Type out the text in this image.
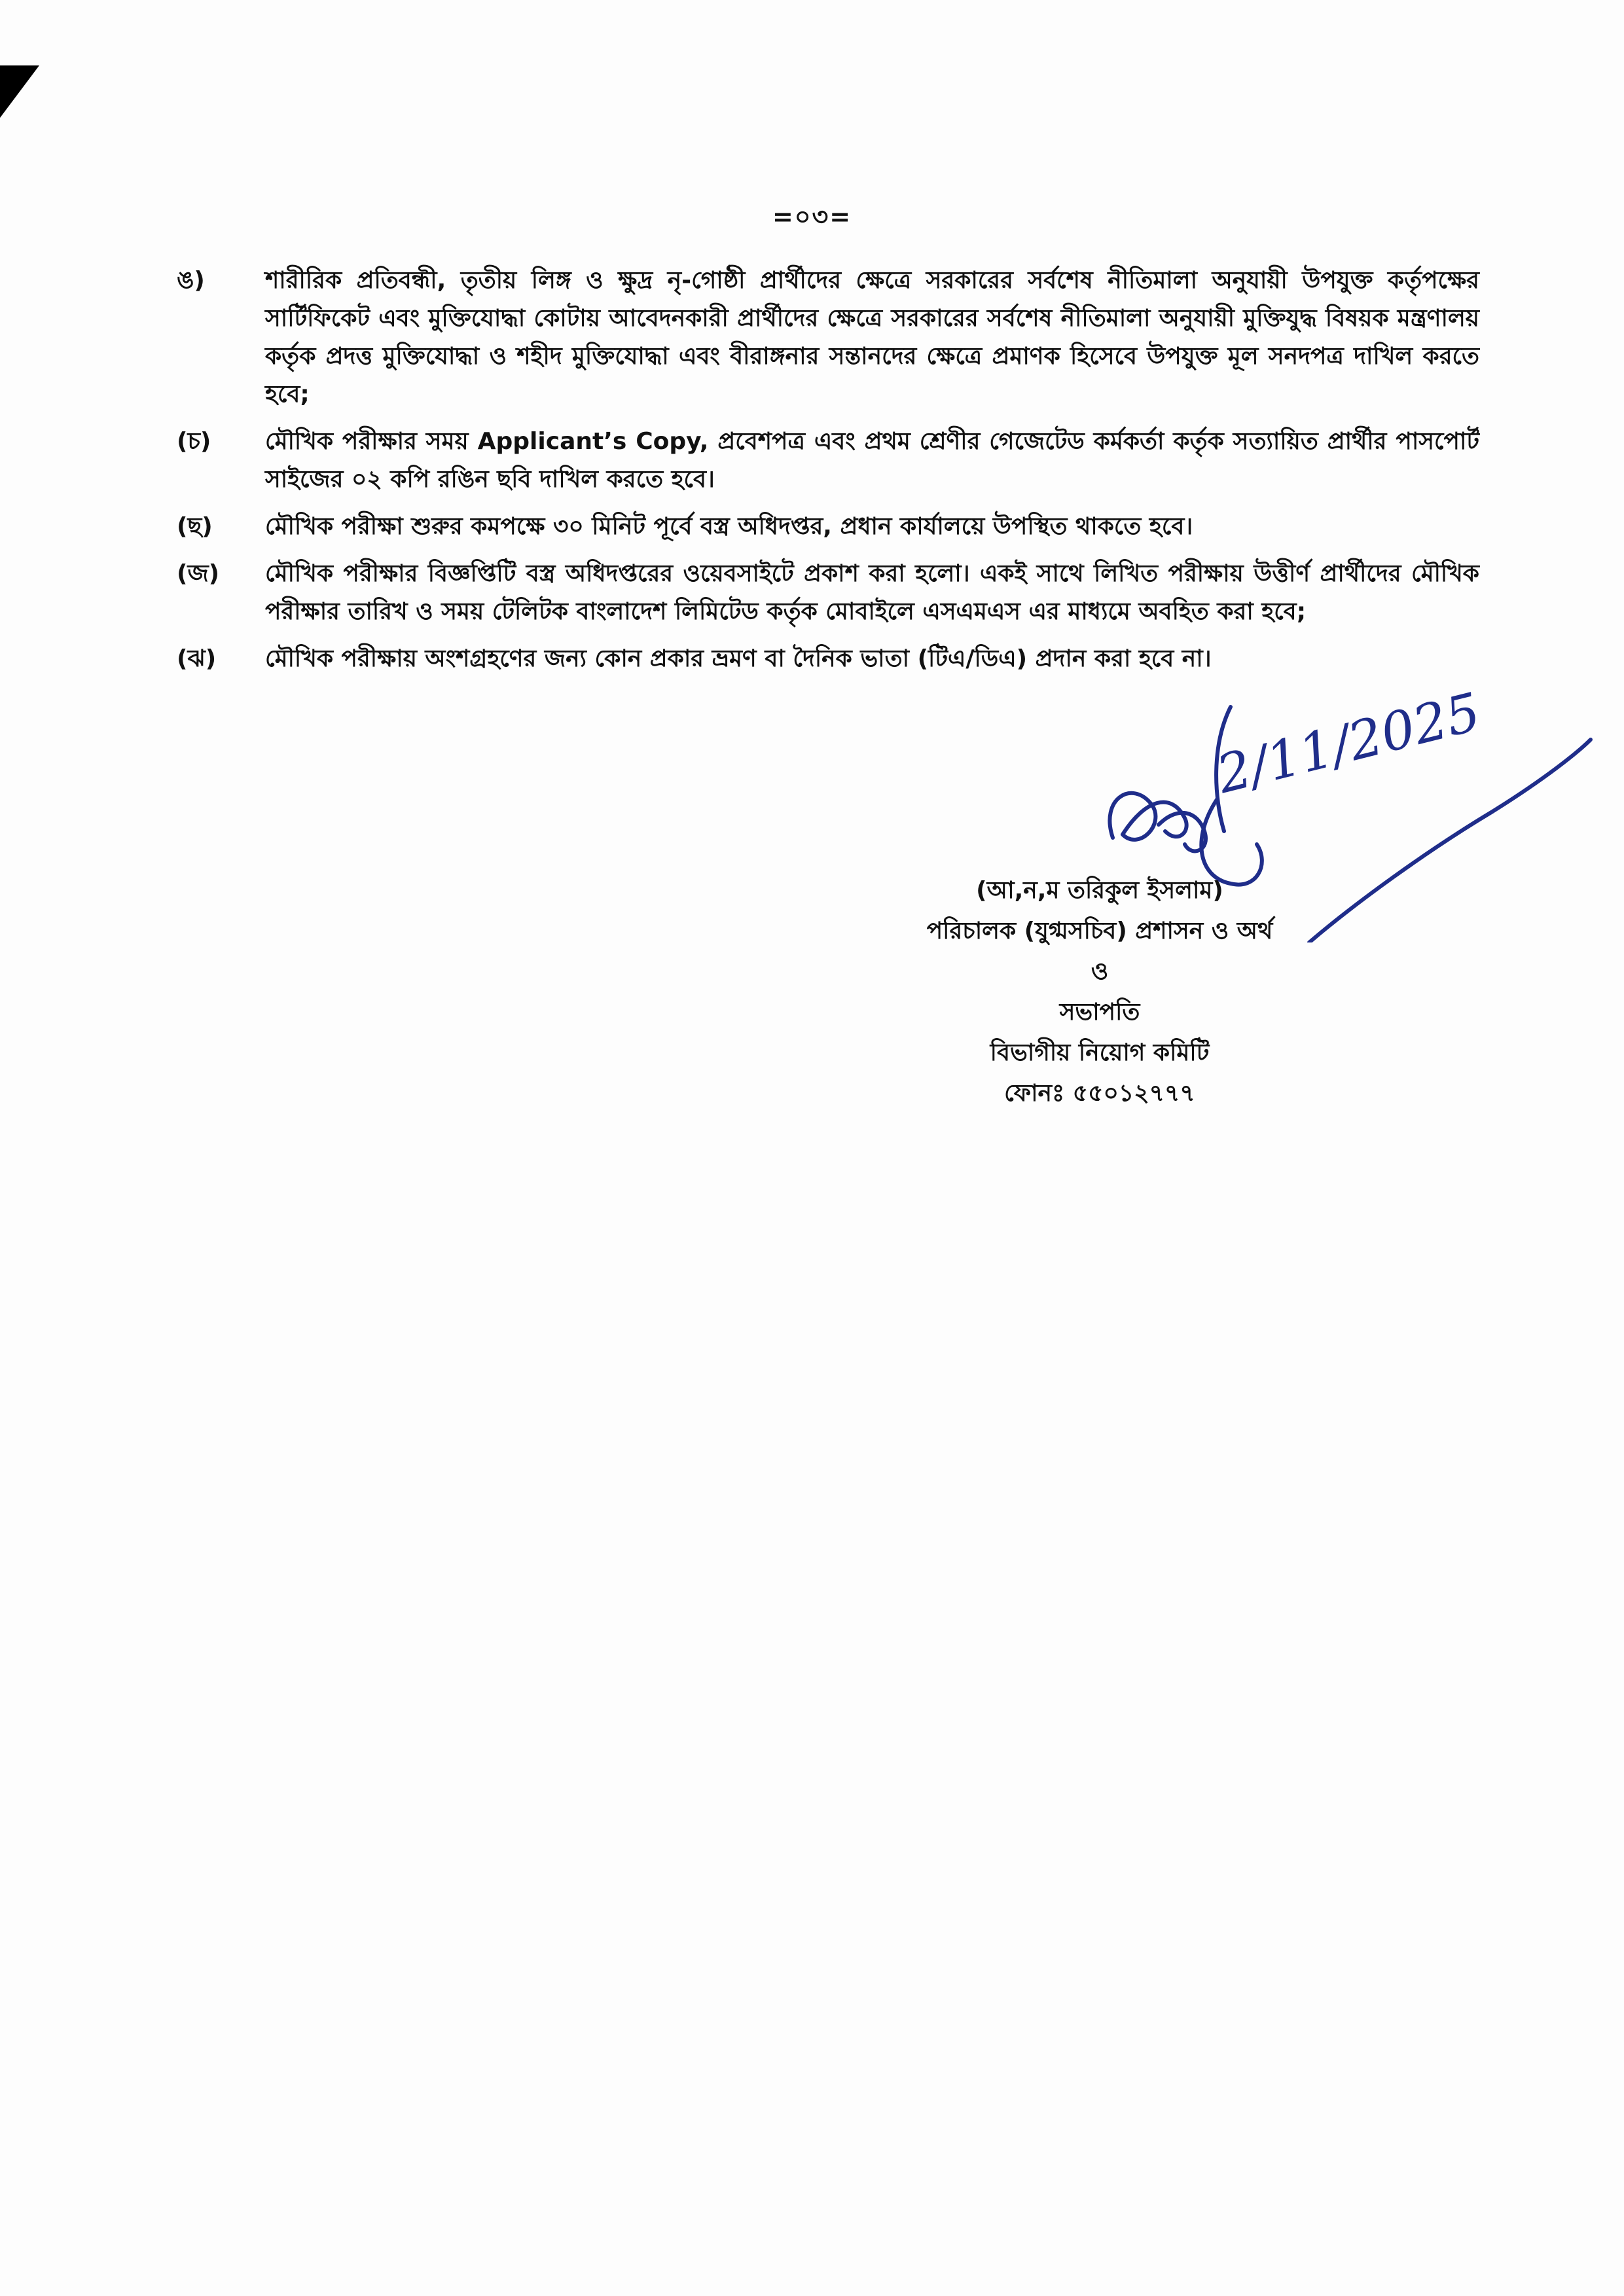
=০৩=
ঙ)	শারীরিক প্রতিবন্ধী, তৃতীয় লিঙ্গ ও ক্ষুদ্র নৃ-গোষ্ঠী প্রার্থীদের ক্ষেত্রে সরকারের সর্বশেষ নীতিমালা অনুযায়ী উপযুক্ত কর্তৃপক্ষের সার্টিফিকেট এবং মুক্তিযোদ্ধা কোটায় আবেদনকারী প্রার্থীদের ক্ষেত্রে সরকারের সর্বশেষ নীতিমালা অনুযায়ী মুক্তিযুদ্ধ বিষয়ক মন্ত্রণালয় কর্তৃক প্রদত্ত মুক্তিযোদ্ধা ও শহীদ মুক্তিযোদ্ধা এবং বীরাঙ্গনার সন্তানদের ক্ষেত্রে প্রমাণক হিসেবে উপযুক্ত মূল সনদপত্র দাখিল করতে হবে;
(চ)	মৌখিক পরীক্ষার সময় Applicant’s Copy, প্রবেশপত্র এবং প্রথম শ্রেণীর গেজেটেড কর্মকর্তা কর্তৃক সত্যায়িত প্রার্থীর পাসপোর্ট সাইজের ০২ কপি রঙিন ছবি দাখিল করতে হবে।
(ছ)	মৌখিক পরীক্ষা শুরুর কমপক্ষে ৩০ মিনিট পূর্বে বস্ত্র অধিদপ্তর, প্রধান কার্যালয়ে উপস্থিত থাকতে হবে।
(জ)	মৌখিক পরীক্ষার বিজ্ঞপ্তিটি বস্ত্র অধিদপ্তরের ওয়েবসাইটে প্রকাশ করা হলো। একই সাথে লিখিত পরীক্ষায় উত্তীর্ণ প্রার্থীদের মৌখিক পরীক্ষার তারিখ ও সময় টেলিটক বাংলাদেশ লিমিটেড কর্তৃক মোবাইলে এসএমএস এর মাধ্যমে অবহিত করা হবে;
(ঝ)	মৌখিক পরীক্ষায় অংশগ্রহণের জন্য কোন প্রকার ভ্রমণ বা দৈনিক ভাতা (টিএ/ডিএ) প্রদান করা হবে না।
2/11/2025
(আ,ন,ম তরিকুল ইসলাম)
পরিচালক (যুগ্মসচিব) প্রশাসন ও অর্থ
ও
সভাপতি
বিভাগীয় নিয়োগ কমিটি
ফোনঃ ৫৫০১২৭৭৭
